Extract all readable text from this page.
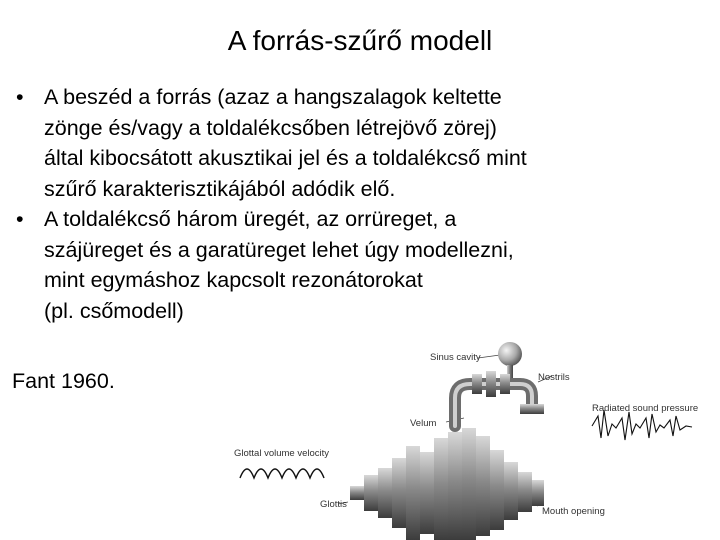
A forrás-szűrő modell
• A beszéd a forrás (azaz a hangszalagok keltette
zönge és/vagy a toldalékcsőben létrejövő zörej)
által kibocsátott akusztikai jel és a toldalékcső mint
szűrő karakterisztikájából adódik elő.
• A toldalékcső három üregét, az orrüreget, a
szájüreget és a garatüreget lehet úgy modellezni,
mint egymáshoz kapcsolt rezonátorokat
(pl. csőmodell)
Fant 1960.
Sinus cavity
Nostrils
Radiated sound pressure
Velum
Glottal volume velocity
Glottis
Mouth opening
